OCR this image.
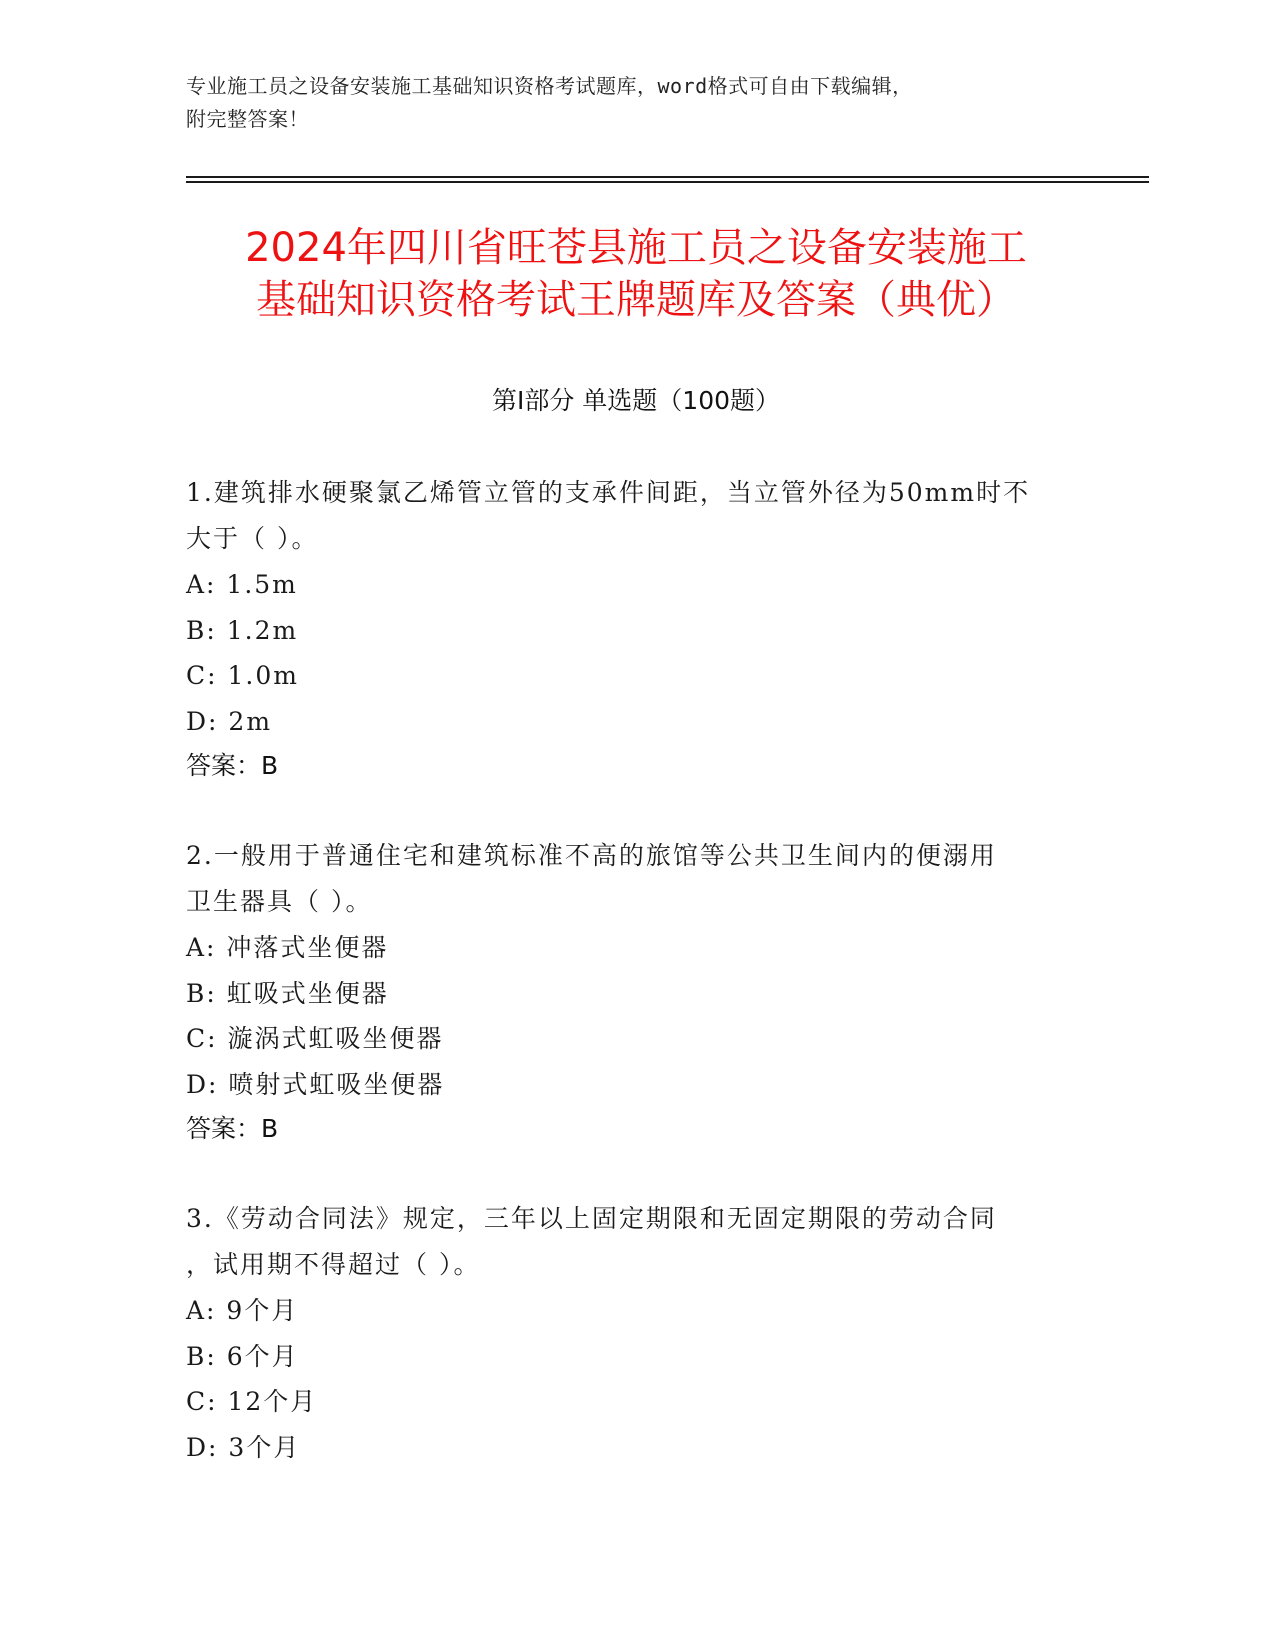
专业施工员之设备安装施工基础知识资格考试题库，word格式可自由下载编辑，
附完整答案！
2024年四川省旺苍县施工员之设备安装施工
基础知识资格考试王牌题库及答案（典优）
第Ⅰ部分 单选题（100题）
1.建筑排水硬聚氯乙烯管立管的支承件间距，当立管外径为50mm时不
大于（ ）。
A: 1.5m
B: 1.2m
C: 1.0m
D: 2m
答案：B
2.一般用于普通住宅和建筑标准不高的旅馆等公共卫生间内的便溺用
卫生器具（ ）。
A: 冲落式坐便器
B: 虹吸式坐便器
C: 漩涡式虹吸坐便器
D: 喷射式虹吸坐便器
答案：B
3.《劳动合同法》规定，三年以上固定期限和无固定期限的劳动合同
，试用期不得超过（ ）。
A: 9个月
B: 6个月
C: 12个月
D: 3个月
